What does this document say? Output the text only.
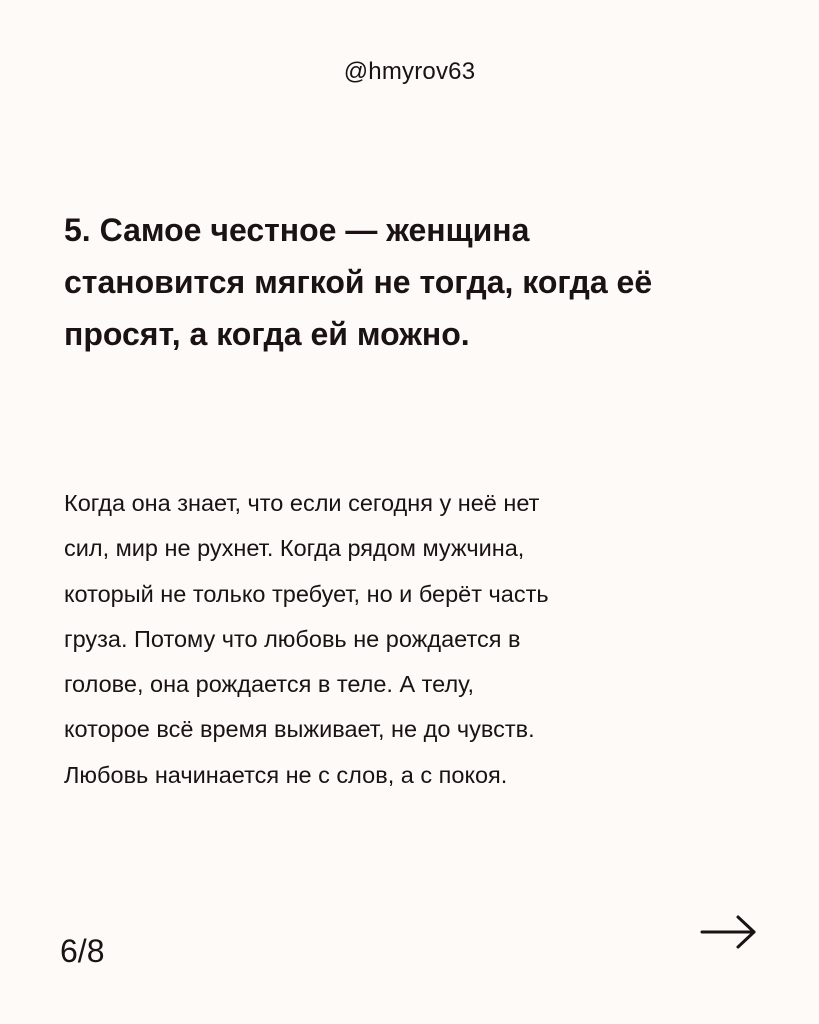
@hmyrov63
5. Самое честное — женщина становится мягкой не тогда, когда её просят, а когда ей можно.
Когда она знает, что если сегодня у неё нет
сил, мир не рухнет. Когда рядом мужчина,
который не только требует, но и берёт часть
груза. Потому что любовь не рождается в
голове, она рождается в теле. А телу,
которое всё время выживает, не до чувств.
Любовь начинается не с слов, а с покоя.
6/8
